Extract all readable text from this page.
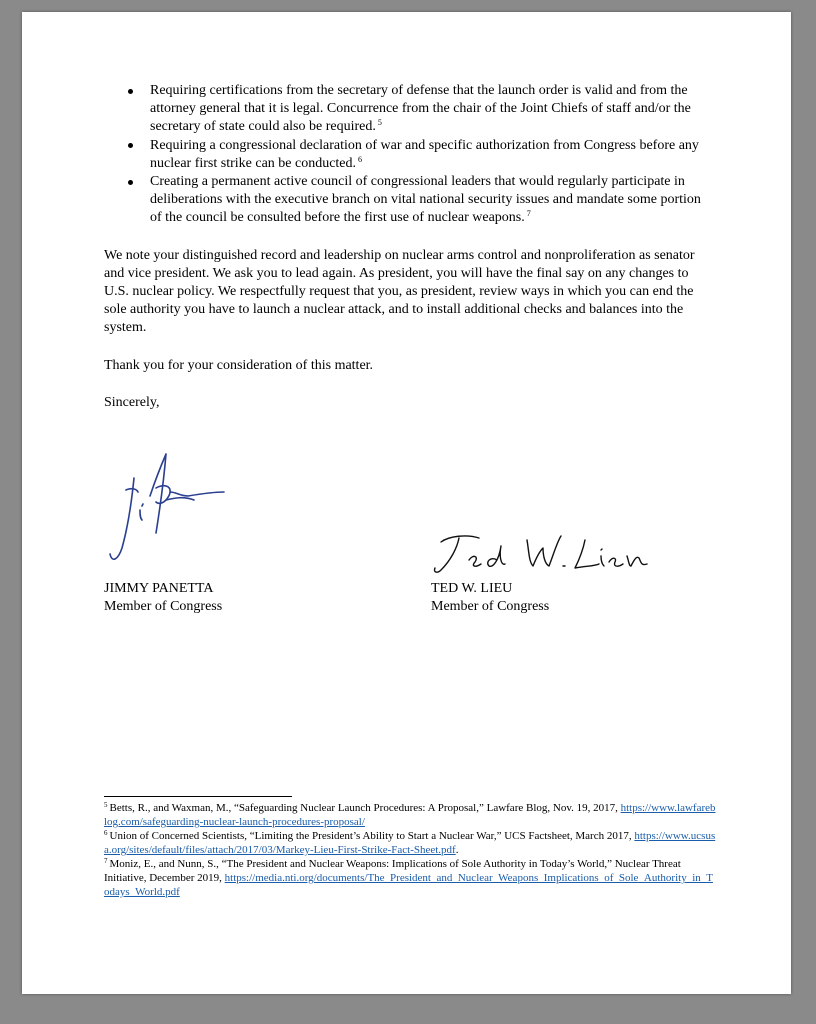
Requiring certifications from the secretary of defense that the launch order is valid and from the attorney general that it is legal. Concurrence from the chair of the Joint Chiefs of staff and/or the secretary of state could also be required. $^5$
Requiring a congressional declaration of war and specific authorization from Congress before any nuclear first strike can be conducted. $^6$
Creating a permanent active council of congressional leaders that would regularly participate in deliberations with the executive branch on vital national security issues and mandate some portion of the council be consulted before the first use of nuclear weapons. $^7$

We note your distinguished record and leadership on nuclear arms control and nonproliferation as senator and vice president. We ask you to lead again. As president, you will have the final say on any changes to U.S. nuclear policy. We respectfully request that you, as president, review ways in which you can end the sole authority you have to launch a nuclear attack, and to install additional checks and balances into the system.

Thank you for your consideration of this matter.

Sincerely,

JIMMY PANETTA
Member of Congress
TED W. LIEU
Member of Congress

$^5$ Betts, R., and Waxman, M., “Safeguarding Nuclear Launch Procedures: A Proposal,” Lawfare Blog, Nov. 19, 2017, https://www.lawfareblog.com/safeguarding-nuclear-launch-procedures-proposal/

$^6$ Union of Concerned Scientists, “Limiting the President’s Ability to Start a Nuclear War,” UCS Factsheet, March 2017, https://www.ucsusa.org/sites/default/files/attach/2017/03/Markey-Lieu-First-Strike-Fact-Sheet.pdf.

$^7$ Moniz, E., and Nunn, S., “The President and Nuclear Weapons: Implications of Sole Authority in Today’s World,” Nuclear Threat Initiative, December 2019, https://media.nti.org/documents/The_President_and_Nuclear_Weapons_Implications_of_Sole_Authority_in_Todays_World.pdf
